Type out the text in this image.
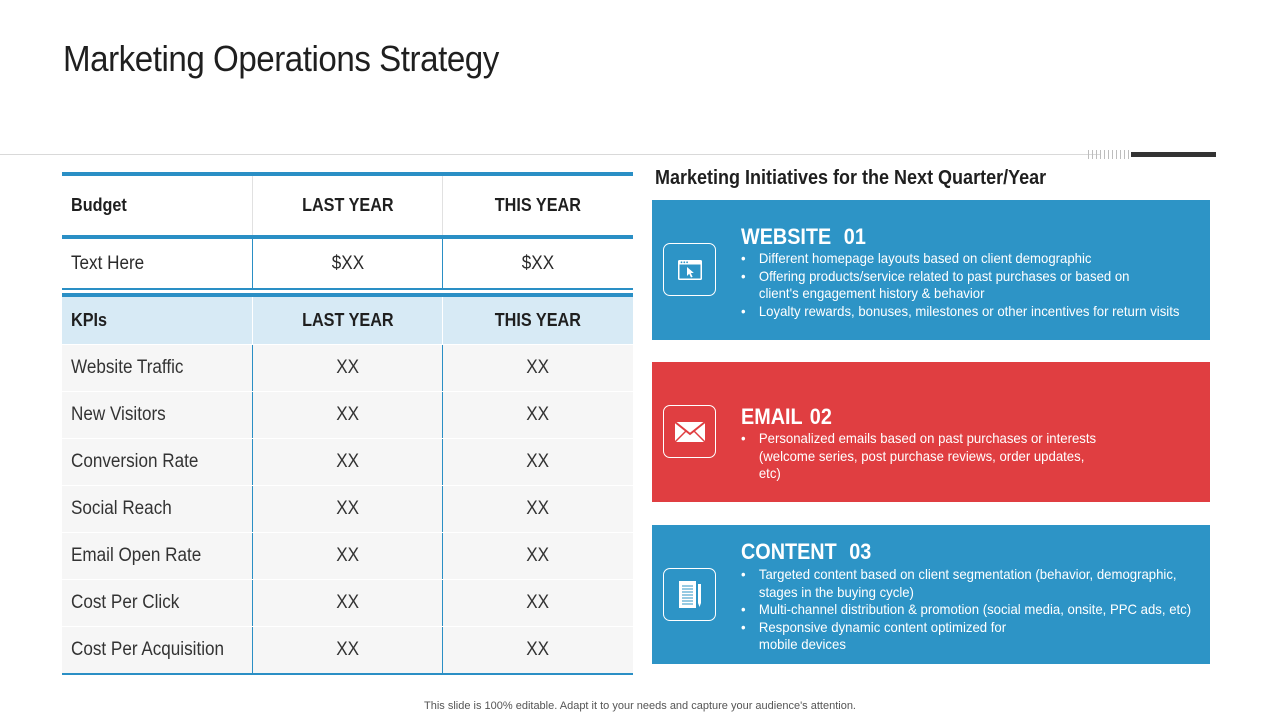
Marketing Operations Strategy
Budget	LAST YEAR	THIS YEAR
Text Here	$XX	$XX
KPIs	LAST YEAR	THIS YEAR
Website Traffic	XX	XX
New Visitors	XX	XX
Conversion Rate	XX	XX
Social Reach	XX	XX
Email Open Rate	XX	XX
Cost Per Click	XX	XX
Cost Per Acquisition	XX	XX
Marketing Initiatives for the Next Quarter/Year
WEBSITE 01
• Different homepage layouts based on client demographic
• Offering products/service related to past purchases or based on client's engagement history & behavior
• Loyalty rewards, bonuses, milestones or other incentives for return visits
EMAIL 02
• Personalized emails based on past purchases or interests (welcome series, post purchase reviews, order updates, etc)
CONTENT 03
• Targeted content based on client segmentation (behavior, demographic, stages in the buying cycle)
• Multi-channel distribution & promotion (social media, onsite, PPC ads, etc)
• Responsive dynamic content optimized for mobile devices
This slide is 100% editable. Adapt it to your needs and capture your audience's attention.
